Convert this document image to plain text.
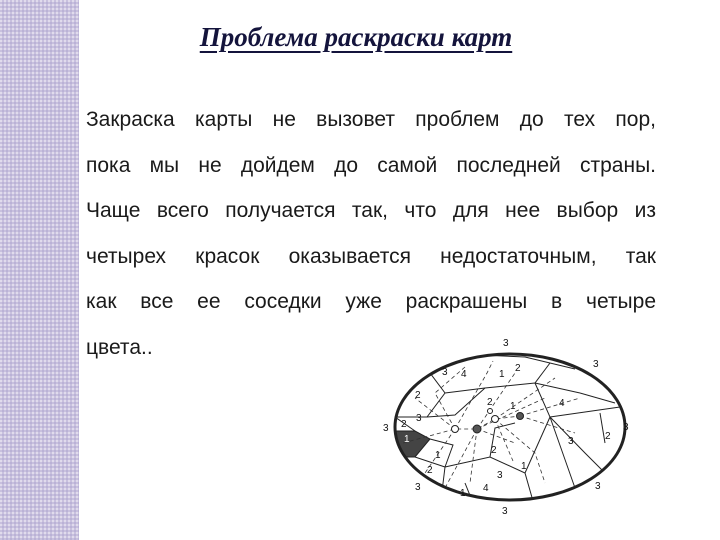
Проблема раскраски карт
Закраска карты не вызовет проблем до тех пор,
пока мы не дойдем до самой последней страны.
Чаще всего получается так, что для нее выбор из
четырех красок оказывается недостаточным, так
как все ее соседки уже раскрашены в четыре
цвета..	3
3
3
3
3
3
3
3 4	1
2
2
4
3	2
2 1
3
2
1
1	2
1
4
2	3
1
